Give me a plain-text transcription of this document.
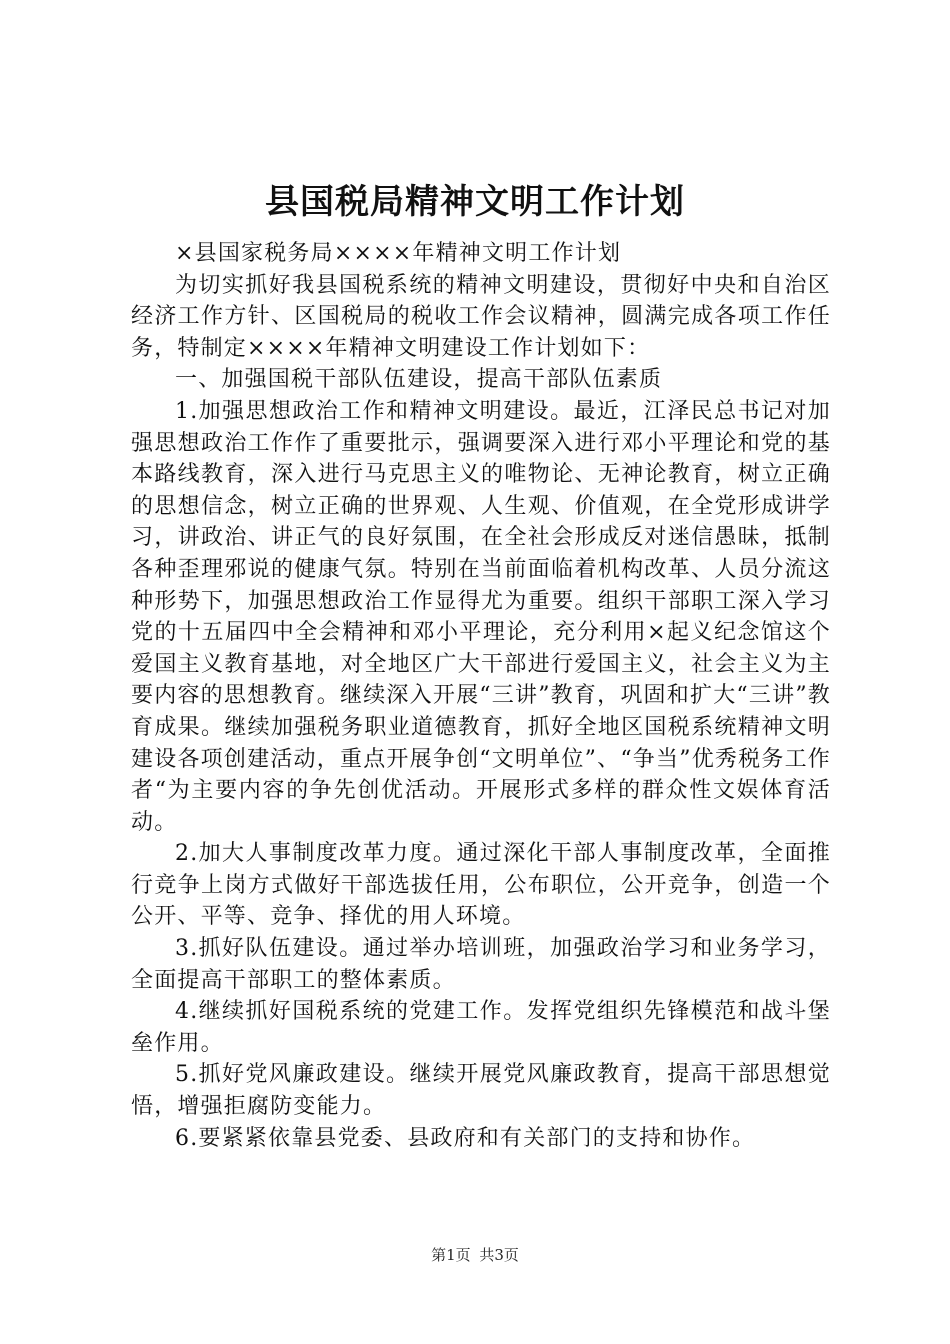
县国税局精神文明工作计划

×县国家税务局××××年精神文明工作计划

为切实抓好我县国税系统的精神文明建设，贯彻好中央和自治区经济工作方针、区国税局的税收工作会议精神，圆满完成各项工作任务，特制定××××年精神文明建设工作计划如下：

一、加强国税干部队伍建设，提高干部队伍素质

1.加强思想政治工作和精神文明建设。最近，江泽民总书记对加强思想政治工作作了重要批示，强调要深入进行邓小平理论和党的基本路线教育，深入进行马克思主义的唯物论、无神论教育，树立正确的思想信念，树立正确的世界观、人生观、价值观，在全党形成讲学习，讲政治、讲正气的良好氛围，在全社会形成反对迷信愚昧，抵制各种歪理邪说的健康气氛。特别在当前面临着机构改革、人员分流这种形势下，加强思想政治工作显得尤为重要。组织干部职工深入学习党的十五届四中全会精神和邓小平理论，充分利用×起义纪念馆这个爱国主义教育基地，对全地区广大干部进行爱国主义，社会主义为主要内容的思想教育。继续深入开展“三讲”教育，巩固和扩大“三讲”教育成果。继续加强税务职业道德教育，抓好全地区国税系统精神文明建设各项创建活动，重点开展争创“文明单位”、“争当”优秀税务工作者“为主要内容的争先创优活动。开展形式多样的群众性文娱体育活动。

2.加大人事制度改革力度。通过深化干部人事制度改革，全面推行竞争上岗方式做好干部选拔任用，公布职位，公开竞争，创造一个公开、平等、竞争、择优的用人环境。

3.抓好队伍建设。通过举办培训班，加强政治学习和业务学习，全面提高干部职工的整体素质。

4.继续抓好国税系统的党建工作。发挥党组织先锋模范和战斗堡垒作用。

5.抓好党风廉政建设。继续开展党风廉政教育，提高干部思想觉悟，增强拒腐防变能力。

6.要紧紧依靠县党委、县政府和有关部门的支持和协作。

第1页 共3页
